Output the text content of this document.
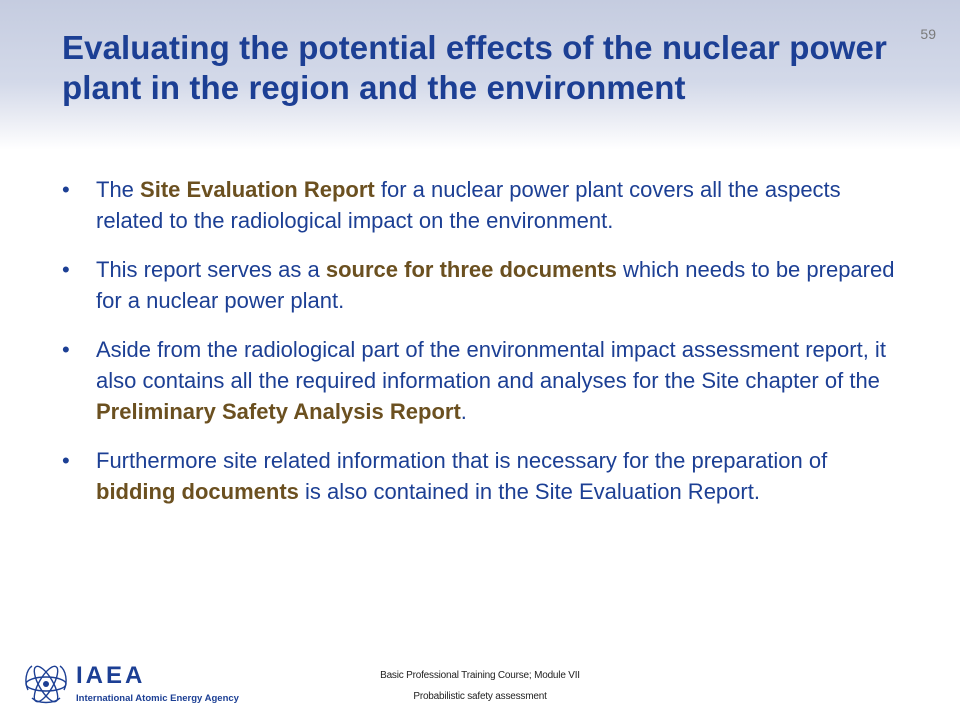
Evaluating the potential effects of the nuclear power plant in the region and the environment
59
• The Site Evaluation Report for a nuclear power plant covers all the aspects related to the radiological impact on the environment.
• This report serves as a source for three documents which needs to be prepared for a nuclear power plant.
• Aside from the radiological part of the environmental impact assessment report, it also contains all the required information and analyses for the Site chapter of the Preliminary Safety Analysis Report.
• Furthermore site related information that is necessary for the preparation of bidding documents is also contained in the Site Evaluation Report.
IAEA
International Atomic Energy Agency
Basic Professional Training Course; Module VII
Probabilistic safety assessment
